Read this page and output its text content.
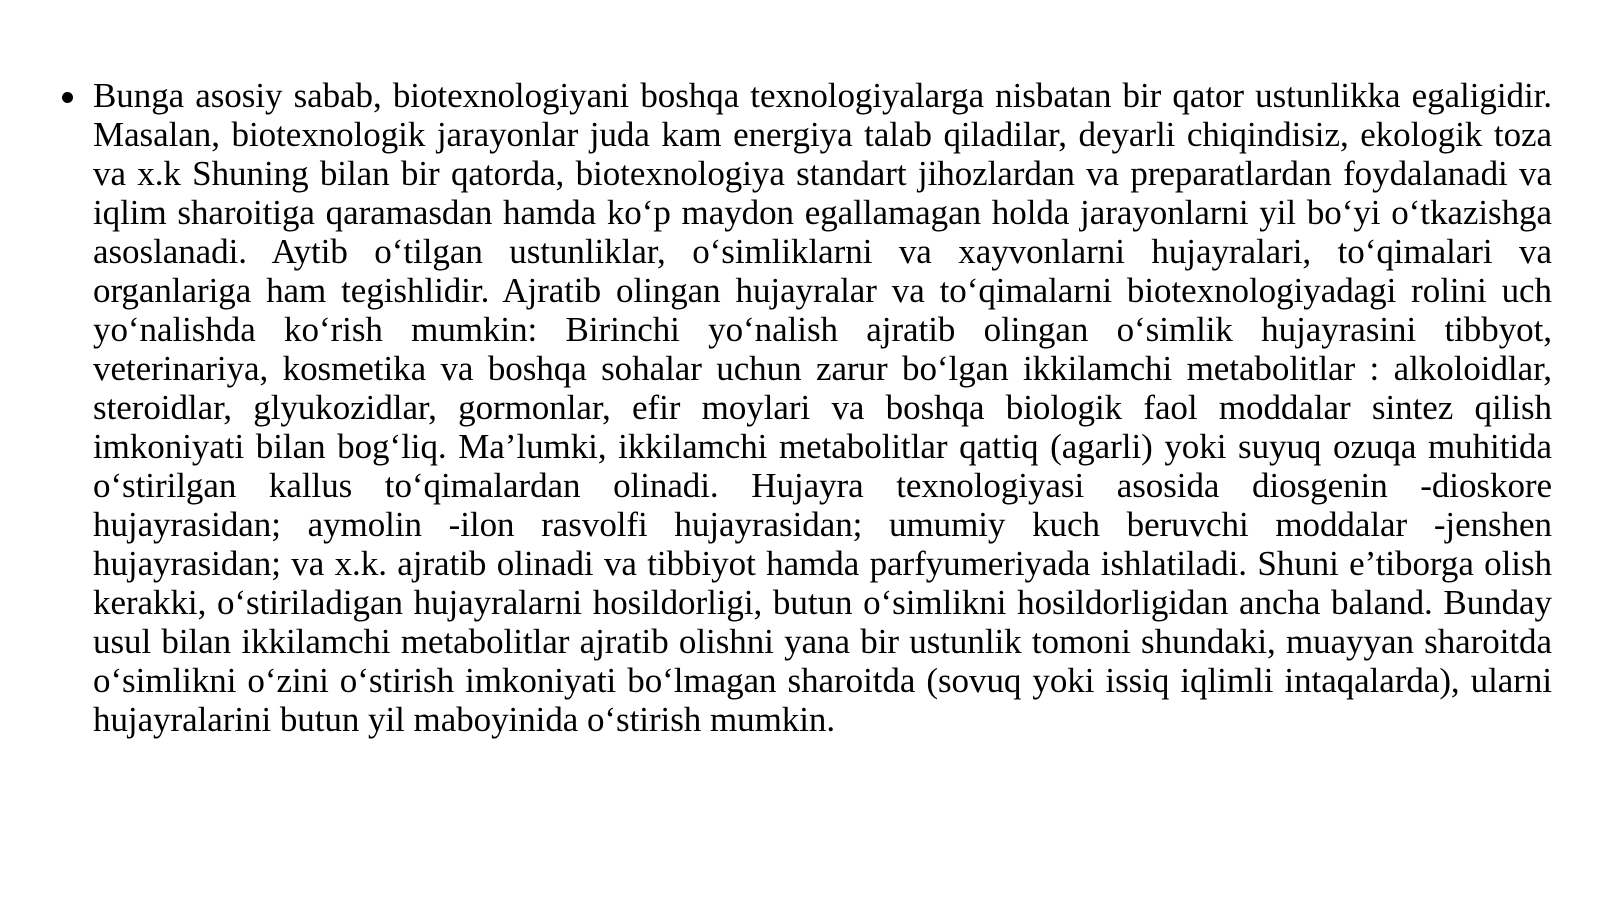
Bunga asosiy sabab, biotexnologiyani boshqa texnologiyalarga nisbatan bir qator ustunlikka egaligidir. Masalan, biotexnologik jarayonlar juda kam energiya talab qiladilar, deyarli chiqindisiz, ekologik toza va x.k Shuning bilan bir qatorda, biotexnologiya standart jihozlardan va preparatlardan foydalanadi va iqlim sharoitiga qaramasdan hamda ko‘p maydon egallamagan holda jarayonlarni yil bo‘yi o‘tkazishga asoslanadi. Aytib o‘tilgan ustunliklar, o‘simliklarni va xayvonlarni hujayralari, to‘qimalari va organlariga ham tegishlidir. Ajratib olingan hujayralar va to‘qimalarni biotexnologiyadagi rolini uch yo‘nalishda ko‘rish mumkin: Birinchi yo‘nalish ajratib olingan o‘simlik hujayrasini tibbyot, veterinariya, kosmetika va boshqa sohalar uchun zarur bo‘lgan ikkilamchi metabolitlar : alkoloidlar, steroidlar, glyukozidlar, gormonlar, efir moylari va boshqa biologik faol moddalar sintez qilish imkoniyati bilan bog‘liq. Ma’lumki, ikkilamchi metabolitlar qattiq (agarli) yoki suyuq ozuqa muhitida o‘stirilgan kallus to‘qimalardan olinadi. Hujayra texnologiyasi asosida diosgenin -dioskore hujayrasidan; aymolin -ilon rasvolfi hujayrasidan; umumiy kuch beruvchi moddalar -jenshen hujayrasidan; va x.k. ajratib olinadi va tibbiyot hamda parfyumeriyada ishlatiladi. Shuni e’tiborga olish kerakki, o‘stiriladigan hujayralarni hosildorligi, butun o‘simlikni hosildorligidan ancha baland. Bunday usul bilan ikkilamchi metabolitlar ajratib olishni yana bir ustunlik tomoni shundaki, muayyan sharoitda o‘simlikni o‘zini o‘stirish imkoniyati bo‘lmagan sharoitda (sovuq yoki issiq iqlimli intaqalarda), ularni hujayralarini butun yil maboyinida o‘stirish mumkin.
